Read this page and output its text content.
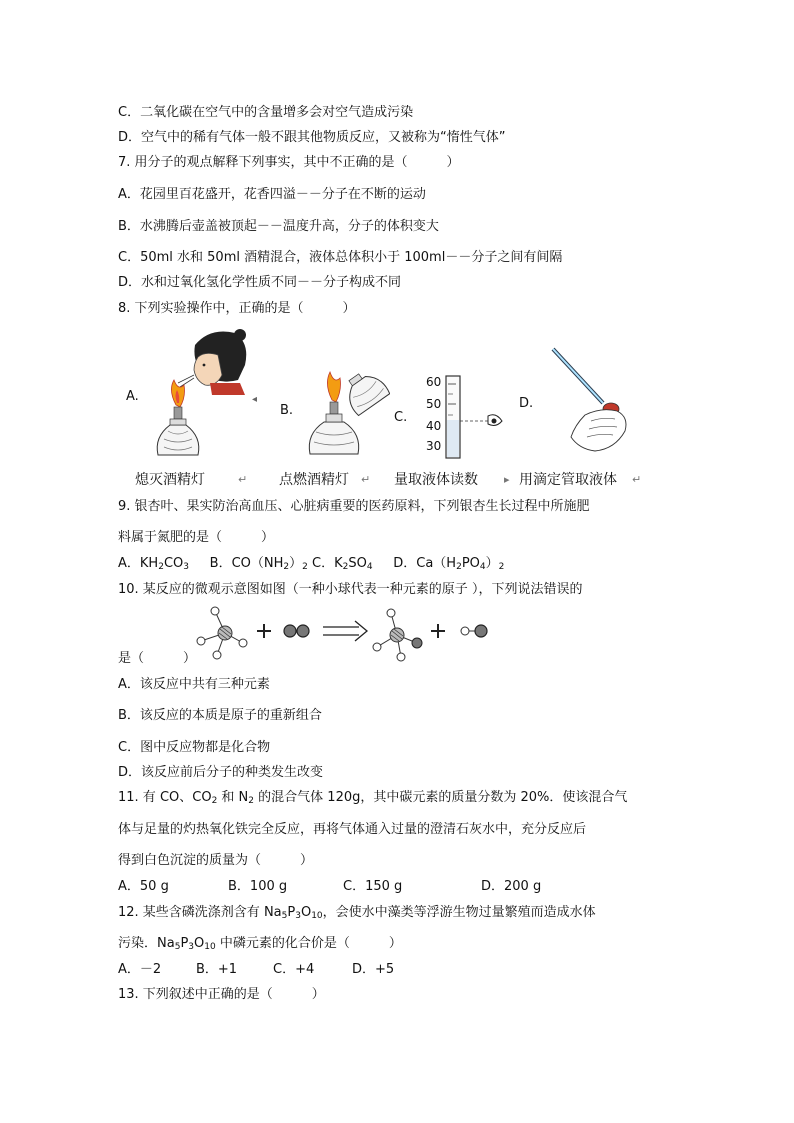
C．二氧化碳在空气中的含量增多会对空气造成污染
D．空气中的稀有气体一般不跟其他物质反应，又被称为“惰性气体”
7. 用分子的观点解释下列事实，其中不正确的是（　　　）
A．花园里百花盛开，花香四溢－－分子在不断的运动
B．水沸腾后壶盖被顶起－－温度升高，分子的体积变大
C．50ml 水和 50ml 酒精混合，液体总体积小于 100ml－－分子之间有间隔
D．水和过氧化氢化学性质不同－－分子构成不同
8. 下列实验操作中，正确的是（　　　）
A.
B.	C.
D.
◂
60
50
40
30
熄灭酒精灯	↵ 点燃酒精灯 ↵ 量取液体读数 ▸ 用滴定管取液体 ↵
9. 银杏叶、果实防治高血压、心脏病重要的医药原料，下列银杏生长过程中所施肥
料属于氮肥的是（　　　）
A．$KH_2CO_3$ B．$CO(NH_2)_2$ C．$K_2SO_4$ D．$Ca(H_2PO_4)_2$
10. 某反应的微观示意图如图（一种小球代表一种元素的原子 ），下列说法错误的
是（　　　）
A．该反应中共有三种元素
B．该反应的本质是原子的重新组合
C．图中反应物都是化合物
D．该反应前后分子的种类发生改变
11. 有 CO、$CO_2$ 和 $N_2$ 的混合气体 120g，其中碳元素的质量分数为 20%．使该混合气
体与足量的灼热氧化铁完全反应，再将气体通入过量的澄清石灰水中，充分反应后
得到白色沉淀的质量为（　　　）
A．50 g	B．100 g	C．150 g	D．200 g
12. 某些含磷洗涤剂含有 $Na_5P_3O_{10}$，会使水中藻类等浮游生物过量繁殖而造成水体
污染．$Na_5P_3O_{10}$ 中磷元素的化合价是（　　　）
A．－2	B．+1	C．+4	D．+5
13. 下列叙述中正确的是（　　　）
